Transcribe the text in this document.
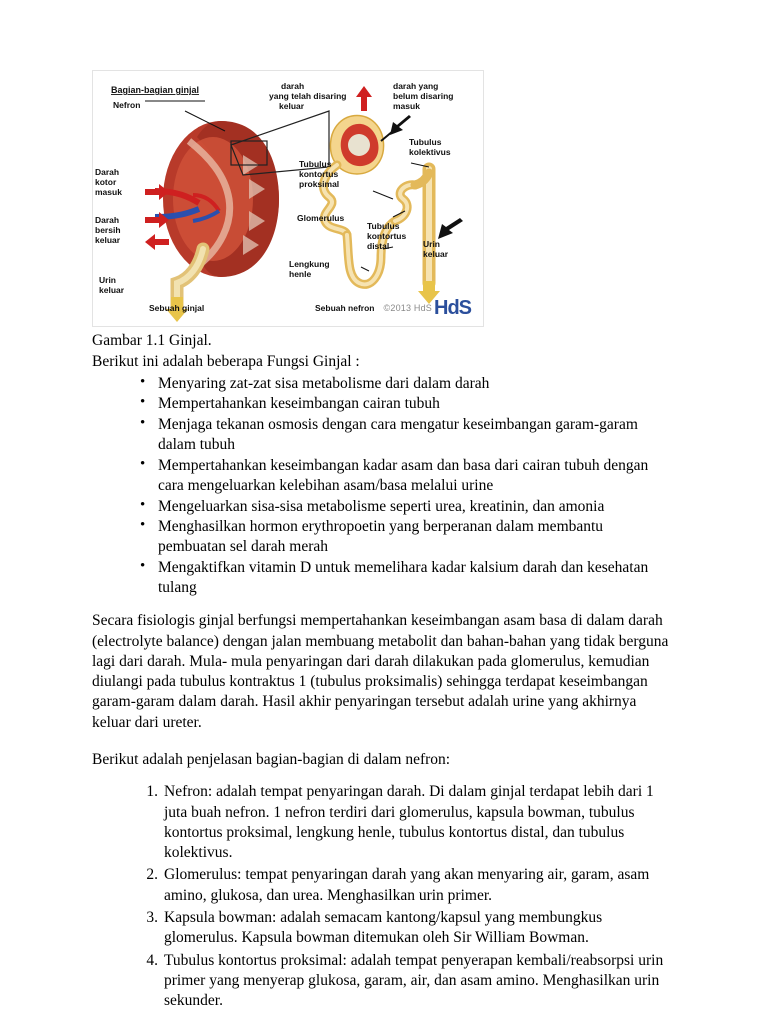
Bagian-bagian ginjal
Nefron
Darah
kotor
masuk
Darah
bersih
keluar
Urin
keluar
Sebuah ginjal
darah
yang telah disaring
keluar
darah yang
belum disaring
masuk
Tubulus
kontortus
proksimal
Tubulus
kolektivus
Glomerulus
Tubulus
kontortus
distal
Lengkung
henle
Urin
keluar
Sebuah nefron ©2013 HdS HdS

Gambar 1.1 Ginjal.

Berikut ini adalah beberapa Fungsi Ginjal :

• Menyaring zat-zat sisa metabolisme dari dalam darah
• Mempertahankan keseimbangan cairan tubuh
• Menjaga tekanan osmosis dengan cara mengatur keseimbangan garam-garam dalam tubuh
• Mempertahankan keseimbangan kadar asam dan basa dari cairan tubuh dengan cara mengeluarkan kelebihan asam/basa melalui urine
• Mengeluarkan sisa-sisa metabolisme seperti urea, kreatinin, dan amonia
• Menghasilkan hormon erythropoetin yang berperanan dalam membantu pembuatan sel darah merah
• Mengaktifkan vitamin D untuk memelihara kadar kalsium darah dan kesehatan tulang

Secara fisiologis ginjal berfungsi mempertahankan keseimbangan asam basa di dalam darah (electrolyte balance) dengan jalan membuang metabolit dan bahan-bahan yang tidak berguna lagi dari darah. Mula- mula penyaringan dari darah dilakukan pada glomerulus, kemudian diulangi pada tubulus kontraktus 1 (tubulus proksimalis) sehingga terdapat keseimbangan garam-garam dalam darah. Hasil akhir penyaringan tersebut adalah urine yang akhirnya keluar dari ureter.

Berikut adalah penjelasan bagian-bagian di dalam nefron:

Nefron: adalah tempat penyaringan darah. Di dalam ginjal terdapat lebih dari 1 juta buah nefron. 1 nefron terdiri dari glomerulus, kapsula bowman, tubulus kontortus proksimal, lengkung henle, tubulus kontortus distal, dan tubulus kolektivus.
Glomerulus: tempat penyaringan darah yang akan menyaring air, garam, asam amino, glukosa, dan urea. Menghasilkan urin primer.
Kapsula bowman: adalah semacam kantong/kapsul yang membungkus glomerulus. Kapsula bowman ditemukan oleh Sir William Bowman.
Tubulus kontortus proksimal: adalah tempat penyerapan kembali/reabsorpsi urin primer yang menyerap glukosa, garam, air, dan asam amino. Menghasilkan urin sekunder.
